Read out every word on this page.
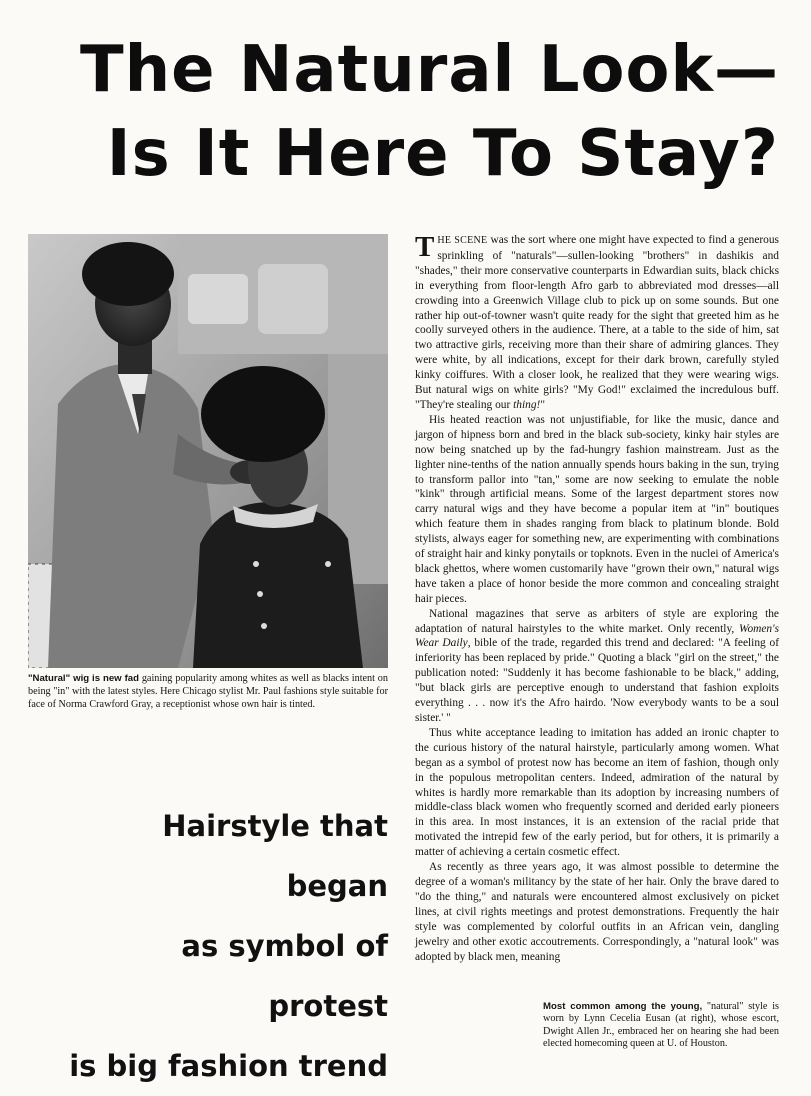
The Natural Look—
Is It Here To Stay?

"Natural" wig is new fad gaining popularity among whites as well as blacks intent on being "in" with the latest styles. Here Chicago stylist Mr. Paul fashions style suitable for face of Norma Crawford Gray, a receptionist whose own hair is tinted.

Hairstyle that began
as symbol of protest
is big fashion trend

THE SCENE was the sort where one might have expected to find a generous sprinkling of "naturals"—sullen-looking "brothers" in dashikis and "shades," their more conservative counterparts in Edwardian suits, black chicks in everything from floor-length Afro garb to abbreviated mod dresses—all crowding into a Greenwich Village club to pick up on some sounds. But one rather hip out-of-towner wasn't quite ready for the sight that greeted him as he coolly surveyed others in the audience. There, at a table to the side of him, sat two attractive girls, receiving more than their share of admiring glances. They were white, by all indications, except for their dark brown, carefully styled kinky coiffures. With a closer look, he realized that they were wearing wigs. But natural wigs on white girls? "My God!" exclaimed the incredulous buff. "They're stealing our thing!"

His heated reaction was not unjustifiable, for like the music, dance and jargon of hipness born and bred in the black sub-society, kinky hair styles are now being snatched up by the fad-hungry fashion mainstream. Just as the lighter nine-tenths of the nation annually spends hours baking in the sun, trying to transform pallor into "tan," some are now seeking to emulate the noble "kink" through artificial means. Some of the largest department stores now carry natural wigs and they have become a popular item at "in" boutiques which feature them in shades ranging from black to platinum blonde. Bold stylists, always eager for something new, are experimenting with combinations of straight hair and kinky ponytails or topknots. Even in the nuclei of America's black ghettos, where women customarily have "grown their own," natural wigs have taken a place of honor beside the more common and concealing straight hair pieces.

National magazines that serve as arbiters of style are exploring the adaptation of natural hairstyles to the white market. Only recently, Women's Wear Daily, bible of the trade, regarded this trend and declared: "A feeling of inferiority has been replaced by pride." Quoting a black "girl on the street," the publication noted: "Suddenly it has become fashionable to be black," adding, "but black girls are perceptive enough to understand that fashion exploits everything . . . now it's the Afro hairdo. 'Now everybody wants to be a soul sister.' "

Thus white acceptance leading to imitation has added an ironic chapter to the curious history of the natural hairstyle, particularly among women. What began as a symbol of protest now has become an item of fashion, though only in the populous metropolitan centers. Indeed, admiration of the natural by whites is hardly more remarkable than its adoption by increasing numbers of middle-class black women who frequently scorned and derided early pioneers in this area. In most instances, it is an extension of the racial pride that motivated the intrepid few of the early period, but for others, it is primarily a matter of achieving a certain cosmetic effect.

As recently as three years ago, it was almost possible to determine the degree of a woman's militancy by the state of her hair. Only the brave dared to "do the thing," and naturals were encountered almost exclusively on picket lines, at civil rights meetings and protest demonstrations. Frequently the hair style was complemented by colorful outfits in an African vein, dangling jewelry and other exotic accoutrements. Correspondingly, a "natural look" was adopted by black men, meaning

Most common among the young, "natural" style is worn by Lynn Cecelia Eusan (at right), whose escort, Dwight Allen Jr., embraced her on hearing she had been elected homecoming queen at U. of Houston.
